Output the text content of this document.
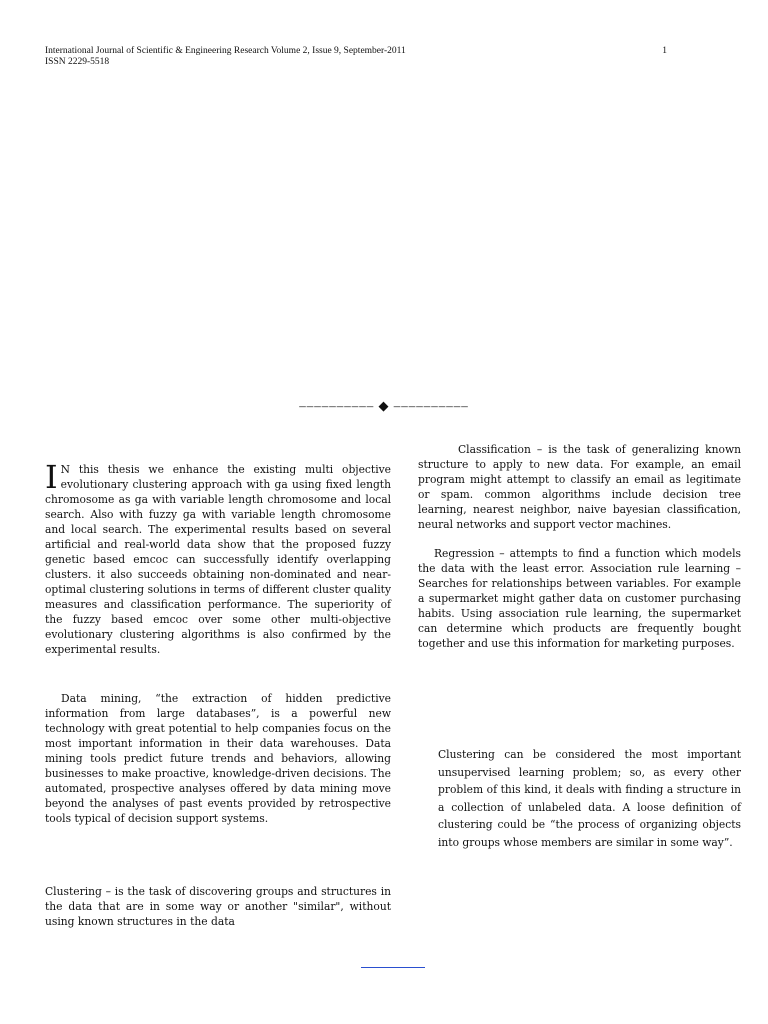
International Journal of Scientific & Engineering Research Volume 2, Issue 9, September-2011
ISSN 2229-5518
1
–––––––––– ◆ ––––––––––
I N this thesis we enhance the existing multi objective evolutionary clustering approach with ga using fixed length chromosome as ga with variable length chromosome and local search. Also with fuzzy ga with variable length chromosome and local search. The experimental results based on several artificial and real-world data show that the proposed fuzzy genetic based emcoc can successfully identify overlapping clusters. it also succeeds obtaining non-dominated and near-optimal clustering solutions in terms of different cluster quality measures and classification performance. The superiority of the fuzzy based emcoc over some other multi-objective evolutionary clustering algorithms is also confirmed by the experimental results.

Data mining, “the extraction of hidden predictive information from large databases”, is a powerful new technology with great potential to help companies focus on the most important information in their data warehouses. Data mining tools predict future trends and behaviors, allowing businesses to make proactive, knowledge-driven decisions. The automated, prospective analyses offered by data mining move beyond the analyses of past events provided by retrospective tools typical of decision support systems.

Clustering – is the task of discovering groups and structures in the data that are in some way or another "similar", without using known structures in the data

Classification – is the task of generalizing known structure to apply to new data. For example, an email program might attempt to classify an email as legitimate or spam. common algorithms include decision tree learning, nearest neighbor, naive bayesian classification, neural networks and support vector machines.

Regression – attempts to find a function which models the data with the least error. Association rule learning – Searches for relationships between variables. For example a supermarket might gather data on customer purchasing habits. Using association rule learning, the supermarket can determine which products are frequently bought together and use this information for marketing purposes.

Clustering can be considered the most important unsupervised learning problem; so, as every other problem of this kind, it deals with finding a structure in a collection of unlabeled data. A loose definition of clustering could be “the process of organizing objects into groups whose members are similar in some way”.
